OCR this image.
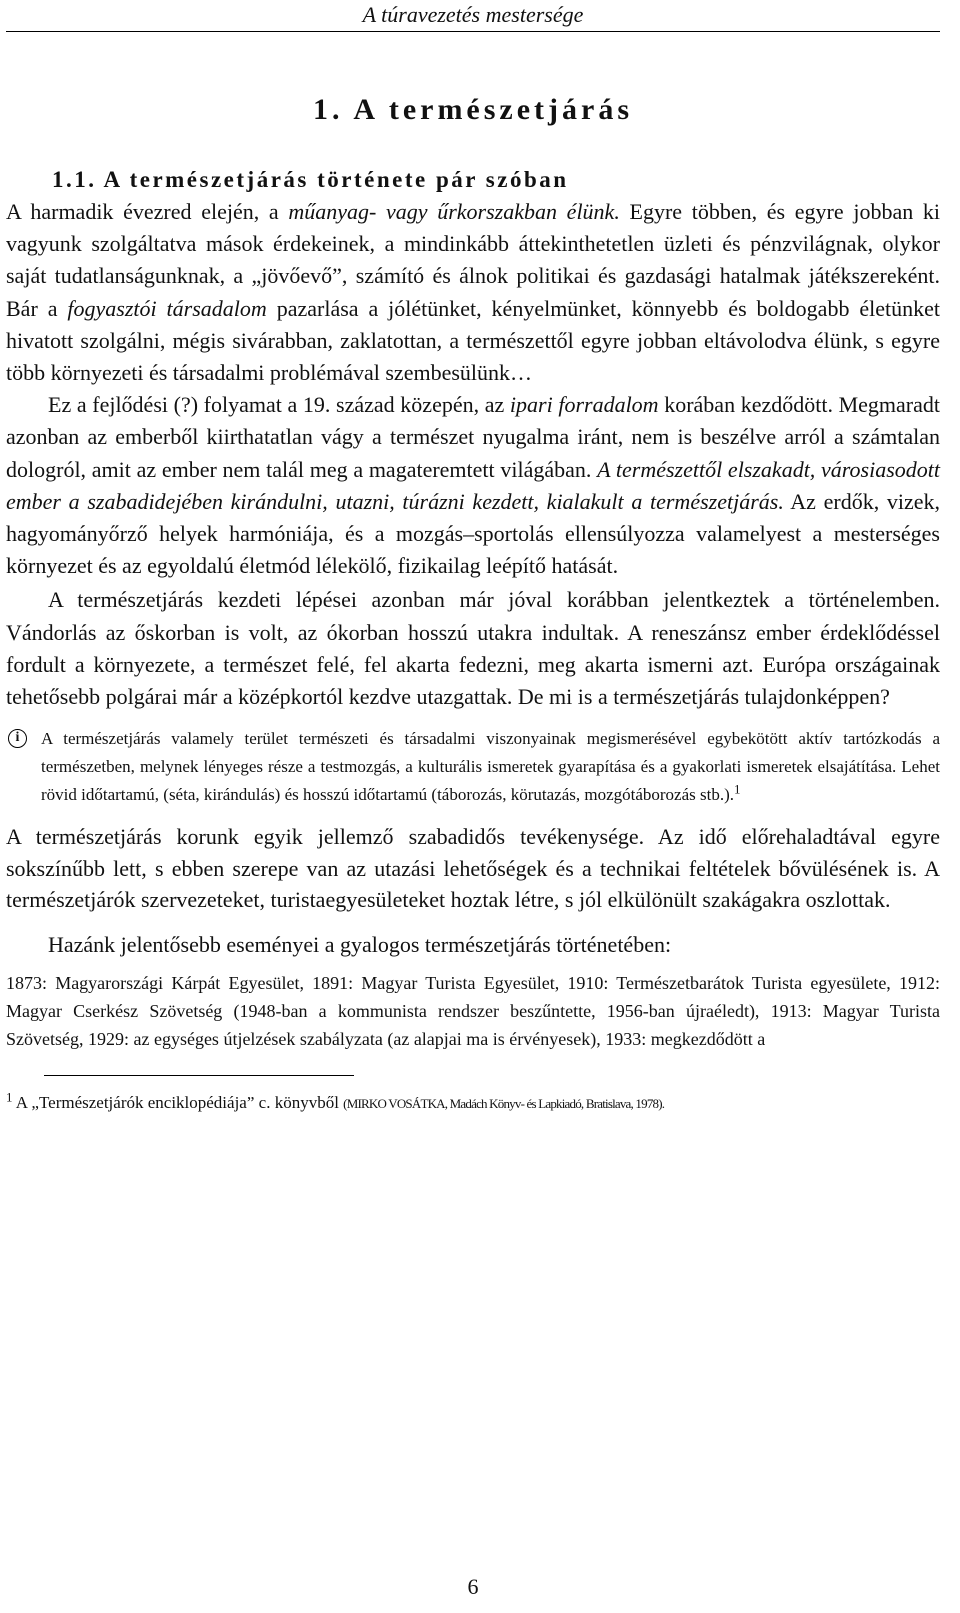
A túravezetés mestersége
1. A természetjárás
1.1. A természetjárás története pár szóban

A harmadik évezred elején, a műanyag- vagy űrkorszakban élünk. Egyre többen, és egyre jobban ki vagyunk szolgáltatva mások érdekeinek, a mindinkább áttekinthetetlen üzleti és pénzvilágnak, olykor saját tudatlanságunknak, a „jövőevő”, számító és álnok politikai és gazdasági hatalmak játékszereként. Bár a fogyasztói társadalom pazarlása a jólétünket, kényelmünket, könnyebb és boldogabb életünket hivatott szolgálni, mégis sivárabban, zaklatottan, a természettől egyre jobban eltávolodva élünk, s egyre több környezeti és társadalmi problémával szembesülünk…

Ez a fejlődési (?) folyamat a 19. század közepén, az ipari forradalom korában kezdődött. Megmaradt azonban az emberből kiirthatatlan vágy a természet nyugalma iránt, nem is beszélve arról a számtalan dologról, amit az ember nem talál meg a magateremtett világában. A természettől elszakadt, városiasodott ember a szabadidejében kirándulni, utazni, túrázni kezdett, kialakult a természetjárás. Az erdők, vizek, hagyományőrző helyek harmóniája, és a mozgás–sportolás ellensúlyozza valamelyest a mesterséges környezet és az egyoldalú életmód lélekölő, fizikailag leépítő hatását.

A természetjárás kezdeti lépései azonban már jóval korábban jelentkeztek a történelemben. Vándorlás az őskorban is volt, az ókorban hosszú utakra indultak. A reneszánsz ember érdeklődéssel fordult a környezete, a természet felé, fel akarta fedezni, meg akarta ismerni azt. Európa országainak tehetősebb polgárai már a középkortól kezdve utazgattak. De mi is a természetjárás tulajdonképpen?

i	A természetjárás valamely terület természeti és társadalmi viszonyainak megismerésével egybekötött aktív tartózkodás a természetben, melynek lényeges része a testmozgás, a kulturális ismeretek gyarapítása és a gyakorlati ismeretek elsajátítása. Lehet rövid időtartamú, (séta, kirándulás) és hosszú időtartamú (táborozás, körutazás, mozgótáborozás stb.).$^1$

A természetjárás korunk egyik jellemző szabadidős tevékenysége. Az idő előrehaladtával egyre sokszínűbb lett, s ebben szerepe van az utazási lehetőségek és a technikai feltételek bővülésének is. A természetjárók szervezeteket, turistaegyesületeket hoztak létre, s jól elkülönült szakágakra oszlottak.

Hazánk jelentősebb eseményei a gyalogos természetjárás történetében:

1873: Magyarországi Kárpát Egyesület, 1891: Magyar Turista Egyesület, 1910: Természetbarátok Turista egyesülete, 1912: Magyar Cserkész Szövetség (1948-ban a kommunista rendszer beszűntette, 1956-ban újraéledt), 1913: Magyar Turista Szövetség, 1929: az egységes útjelzések szabályzata (az alapjai ma is érvényesek), 1933: megkezdődött a

$^1$ A „Természetjárók enciklopédiája” c. könyvből (MIRKO VOSÁTKA, Madách Könyv- és Lapkiadó, Bratislava, 1978).
6
